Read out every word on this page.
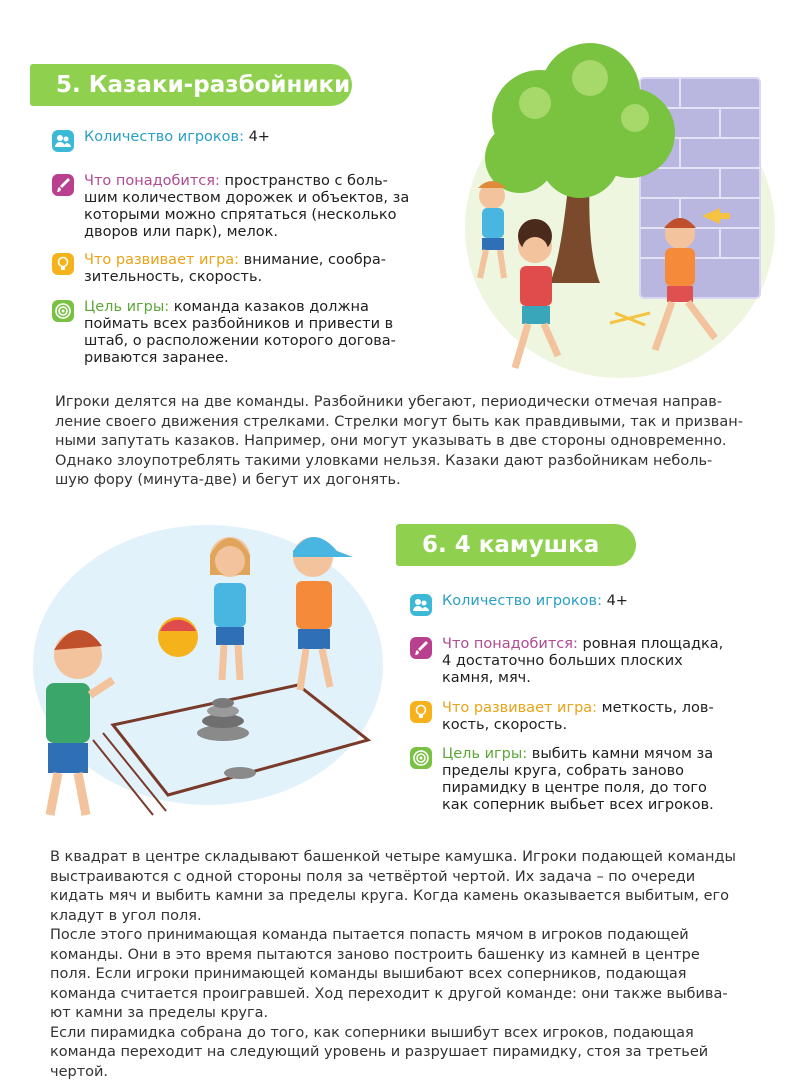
5. Казаки-разбойники
Количество игроков: 4+
Что понадобится: пространство с боль-
шим количеством дорожек и объектов, за
которыми можно спрятаться (несколько
дворов или парк), мелок.
Что развивает игра: внимание, сообра-
зительность, скорость.
Цель игры: команда казаков должна
поймать всех разбойников и привести в
штаб, о расположении которого догова-
риваются заранее.

Игроки делятся на две команды. Разбойники убегают, периодически отмечая направ-

ление своего движения стрелками. Стрелки могут быть как правдивыми, так и призван-

ными запутать казаков. Например, они могут указывать в две стороны одновременно.

Однако злоупотреблять такими уловками нельзя. Казаки дают разбойникам неболь-

шую фору (минута-две) и бегут их догонять.

6. 4 камушка
Количество игроков: 4+
Что понадобится: ровная площадка,
4 достаточно больших плоских
камня, мяч.
Что развивает игра: меткость, лов-
кость, скорость.
Цель игры: выбить камни мячом за
пределы круга, собрать заново
пирамидку в центре поля, до того
как соперник выбьет всех игроков.

В квадрат в центре складывают башенкой четыре камушка. Игроки подающей команды

выстраиваются с одной стороны поля за четвёртой чертой. Их задача – по очереди

кидать мяч и выбить камни за пределы круга. Когда камень оказывается выбитым, его

кладут в угол поля.

После этого принимающая команда пытается попасть мячом в игроков подающей

команды. Они в это время пытаются заново построить башенку из камней в центре

поля. Если игроки принимающей команды вышибают всех соперников, подающая

команда считается проигравшей. Ход переходит к другой команде: они также выбива-

ют камни за пределы круга.

Если пирамидка собрана до того, как соперники вышибут всех игроков, подающая

команда переходит на следующий уровень и разрушает пирамидку, стоя за третьей

чертой.
